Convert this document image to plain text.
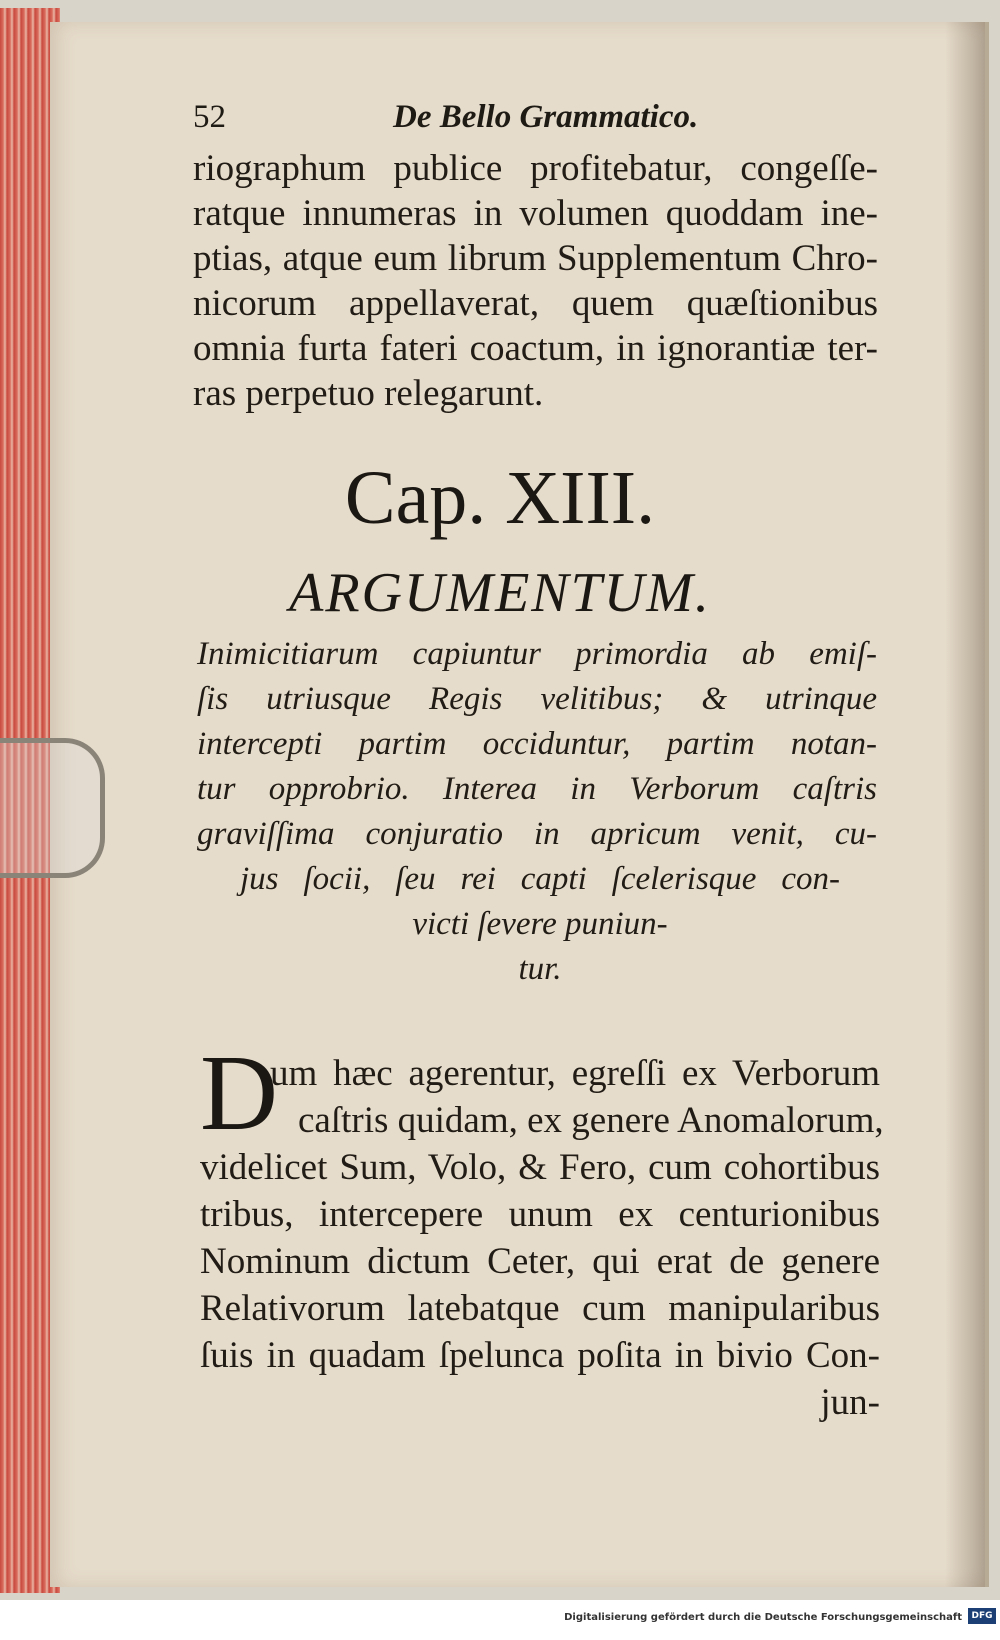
52	De Bello Grammatico.
riographum publice profitebatur, congeſſe-
ratque innumeras in volumen quoddam ine-
ptias, atque eum librum Supplementum Chro-
nicorum appellaverat, quem quæſtionibus
omnia furta fateri coactum, in ignorantiæ ter-
ras perpetuo relegarunt.
Cap. XIII.
ARGUMENTUM.
Inimicitiarum capiuntur primordia ab emiſ-
ſis utriusque Regis velitibus; & utrinque
intercepti partim occiduntur, partim notan-
tur opprobrio. Interea in Verborum caſtris
graviſſima conjuratio in apricum venit, cu-
jus ſocii, ſeu rei capti ſcelerisque con-
victi ſevere puniun-
tur.
D
um hæc agerentur, egreſſi ex Verborum
caſtris quidam, ex genere Anomalorum,
videlicet Sum, Volo, & Fero, cum cohortibus
tribus, intercepere unum ex centurionibus
Nominum dictum Ceter, qui erat de genere
Relativorum latebatque cum manipularibus
ſuis in quadam ſpelunca poſita in bivio Con-
jun-
Digitalisierung gefördert durch die Deutsche Forschungsgemeinschaft	DFG
